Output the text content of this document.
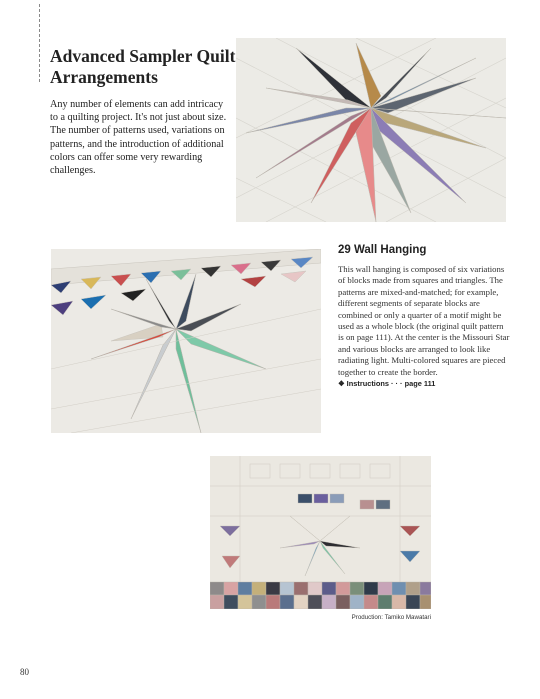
Advanced Sampler Quilt Arrangements

Any number of elements can add intricacy to a quilting project. It's not just about size. The number of patterns used, variations on patterns, and the introduction of additional colors can offer some very rewarding challenges.

29 Wall Hanging

This wall hanging is composed of six variations of blocks made from squares and triangles. The patterns are mixed-and-matched; for example, different segments of separate blocks are combined or only a quarter of a motif might be used as a whole block (the original quilt pattern is on page 111). At the center is the Missouri Star and various blocks are arranged to look like radiating light. Multi-colored squares are pieced together to create the border.

❖ Instructions · · · page 111
Production: Tamiko Mawatari
80
